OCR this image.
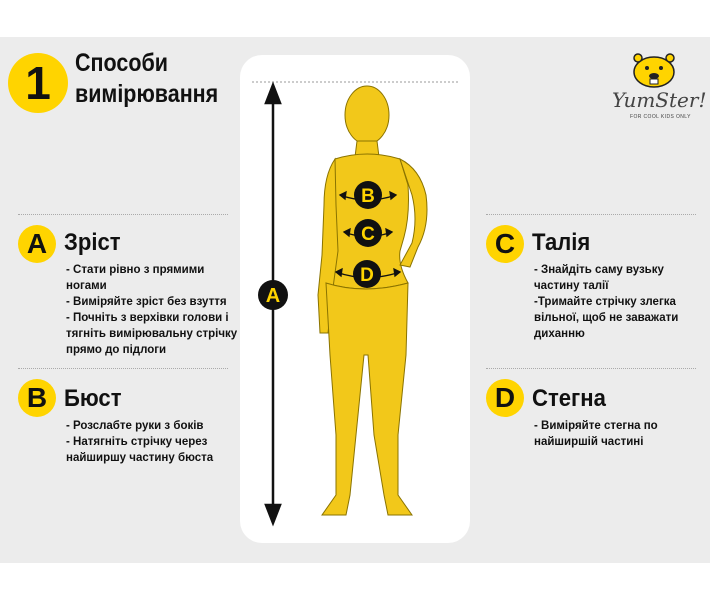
1 Способи
вимірювання	YumSter!
FOR COOL KIDS ONLY
A
B
C
D
A Зріст
- Стати рівно з прямими ногами
- Виміряйте зріст без взуття
- Почніть з верхівки голови і тягніть вимірювальну стрічку прямо до підлоги
B Бюст
- Розслабте руки з боків
- Натягніть стрічку через найширшу частину бюста
C Талія
- Знайдіть саму вузьку частину талії
-Тримайте стрічку злегка вільної, щоб не заважати диханню
D Стегна
- Виміряйте стегна по найширшій частині
